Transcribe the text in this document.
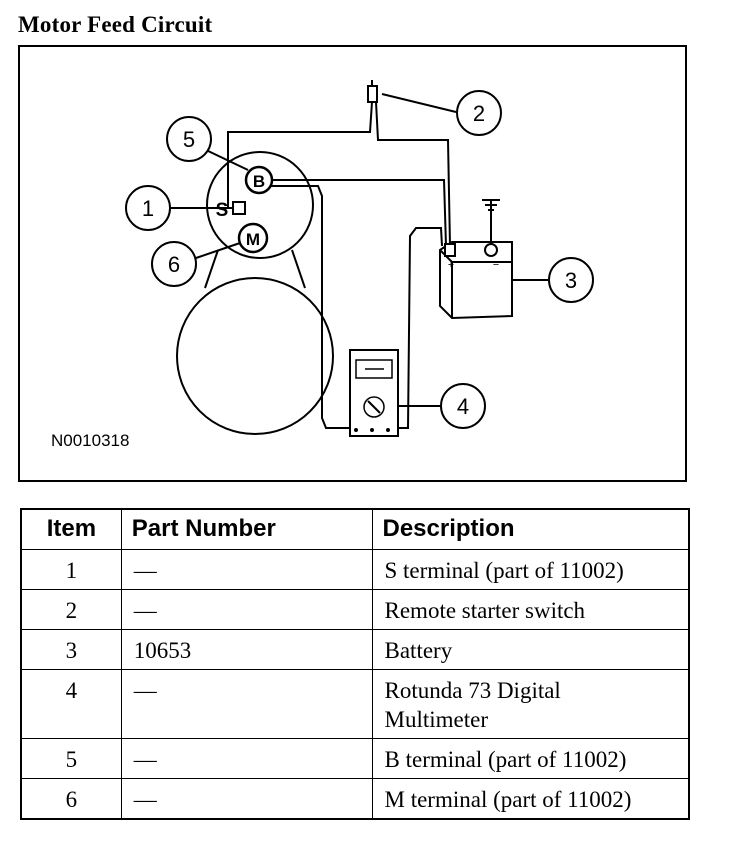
Motor Feed Circuit
+	−
B
S
M
1
2
3
4
5
6
N0010318
Item	Part Number	Description
1	—	S terminal (part of 11002)
2	—	Remote starter switch
3	10653	Battery
4	—	Rotunda 73 Digital
Multimeter
5	—	B terminal (part of 11002)
6	—	M terminal (part of 11002)
